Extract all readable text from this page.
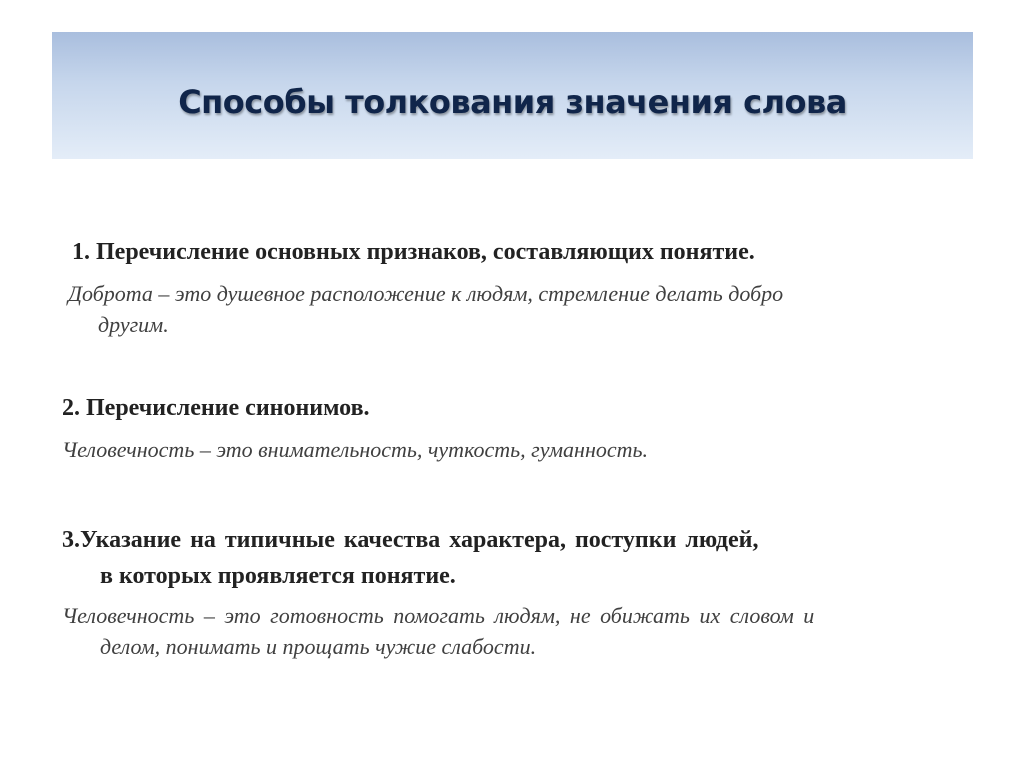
Способы толкования значения слова
1. Перечисление основных признаков, составляющих понятие.
Доброта – это душевное расположение к людям, стремление делать добро
другим.
2. Перечисление синонимов.
Человечность – это внимательность, чуткость, гуманность.
3.Указание на типичные качества характера, поступки людей,
в которых проявляется понятие.
Человечность – это готовность помогать людям, не обижать их словом и
делом, понимать и прощать чужие слабости.
